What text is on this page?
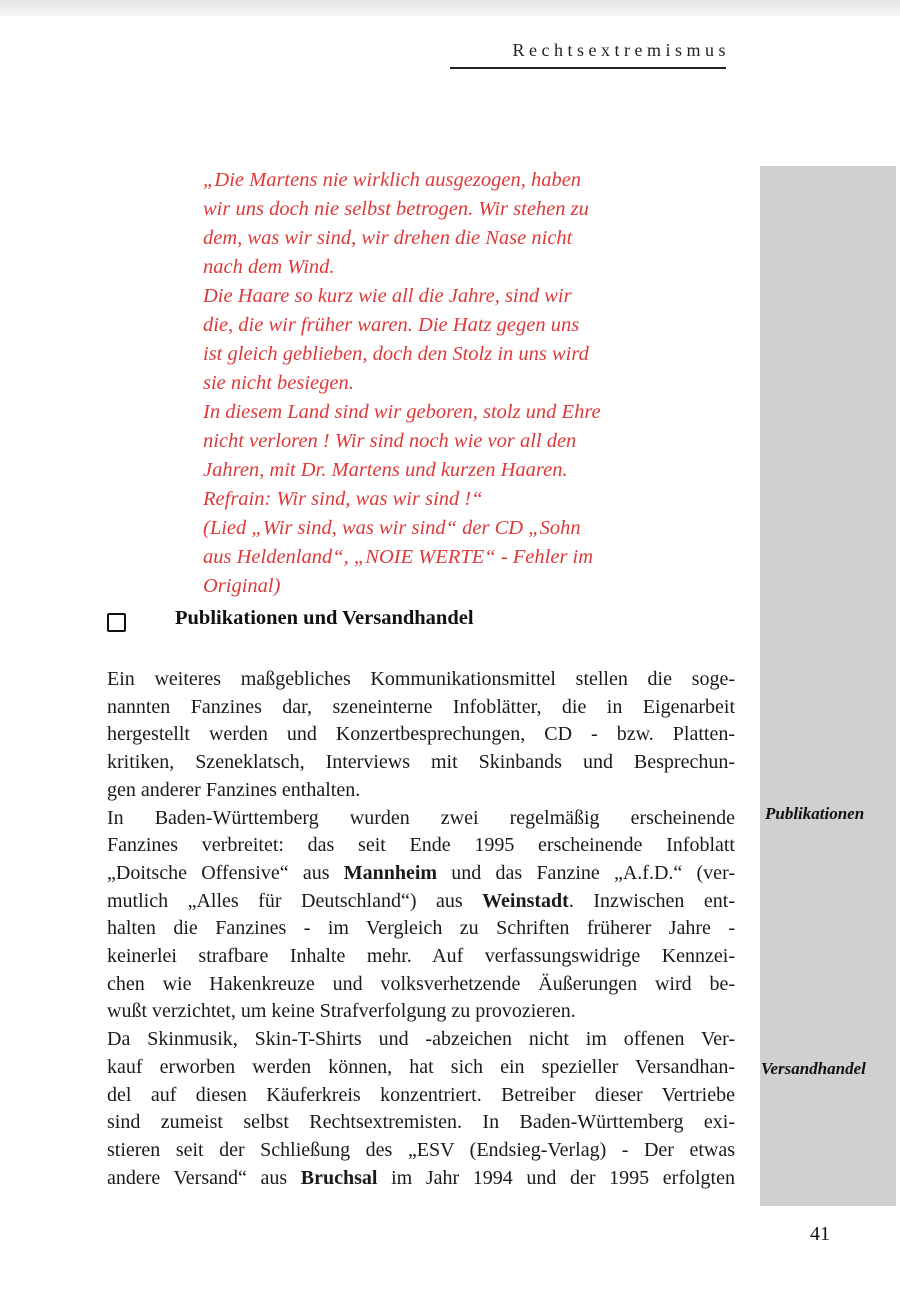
Rechtsextremismus

„Die Martens nie wirklich ausgezogen, haben
wir uns doch nie selbst betrogen. Wir stehen zu
dem, was wir sind, wir drehen die Nase nicht
nach dem Wind.
Die Haare so kurz wie all die Jahre, sind wir
die, die wir früher waren. Die Hatz gegen uns
ist gleich geblieben, doch den Stolz in uns wird
sie nicht besiegen.
In diesem Land sind wir geboren, stolz und Ehre
nicht verloren ! Wir sind noch wie vor all den
Jahren, mit Dr. Martens und kurzen Haaren.
Refrain: Wir sind, was wir sind !“
(Lied „Wir sind, was wir sind“ der CD „Sohn
aus Heldenland“, „NOIE WERTE“ - Fehler im
Original)

Publikationen und Versandhandel
Ein weiteres maßgebliches Kommunikationsmittel stellen die soge-
nannten Fanzines dar, szeneinterne Infoblätter, die in Eigenarbeit
hergestellt werden und Konzertbesprechungen, CD - bzw. Platten-
kritiken, Szeneklatsch, Interviews mit Skinbands und Besprechun-
gen anderer Fanzines enthalten.
In Baden-Württemberg wurden zwei regelmäßig erscheinende
Fanzines verbreitet: das seit Ende 1995 erscheinende Infoblatt
„Doitsche Offensive“ aus Mannheim und das Fanzine „A.f.D.“ (ver-
mutlich „Alles für Deutschland“) aus Weinstadt. Inzwischen ent-
halten die Fanzines - im Vergleich zu Schriften früherer Jahre -
keinerlei strafbare Inhalte mehr. Auf verfassungswidrige Kennzei-
chen wie Hakenkreuze und volksverhetzende Äußerungen wird be-
wußt verzichtet, um keine Strafverfolgung zu provozieren.
Da Skinmusik, Skin-T-Shirts und -abzeichen nicht im offenen Ver-
kauf erworben werden können, hat sich ein spezieller Versandhan-
del auf diesen Käuferkreis konzentriert. Betreiber dieser Vertriebe
sind zumeist selbst Rechtsextremisten. In Baden-Württemberg exi-
stieren seit der Schließung des „ESV (Endsieg-Verlag) - Der etwas
andere Versand“ aus Bruchsal im Jahr 1994 und der 1995 erfolgten
Publikationen
Versandhandel
41
